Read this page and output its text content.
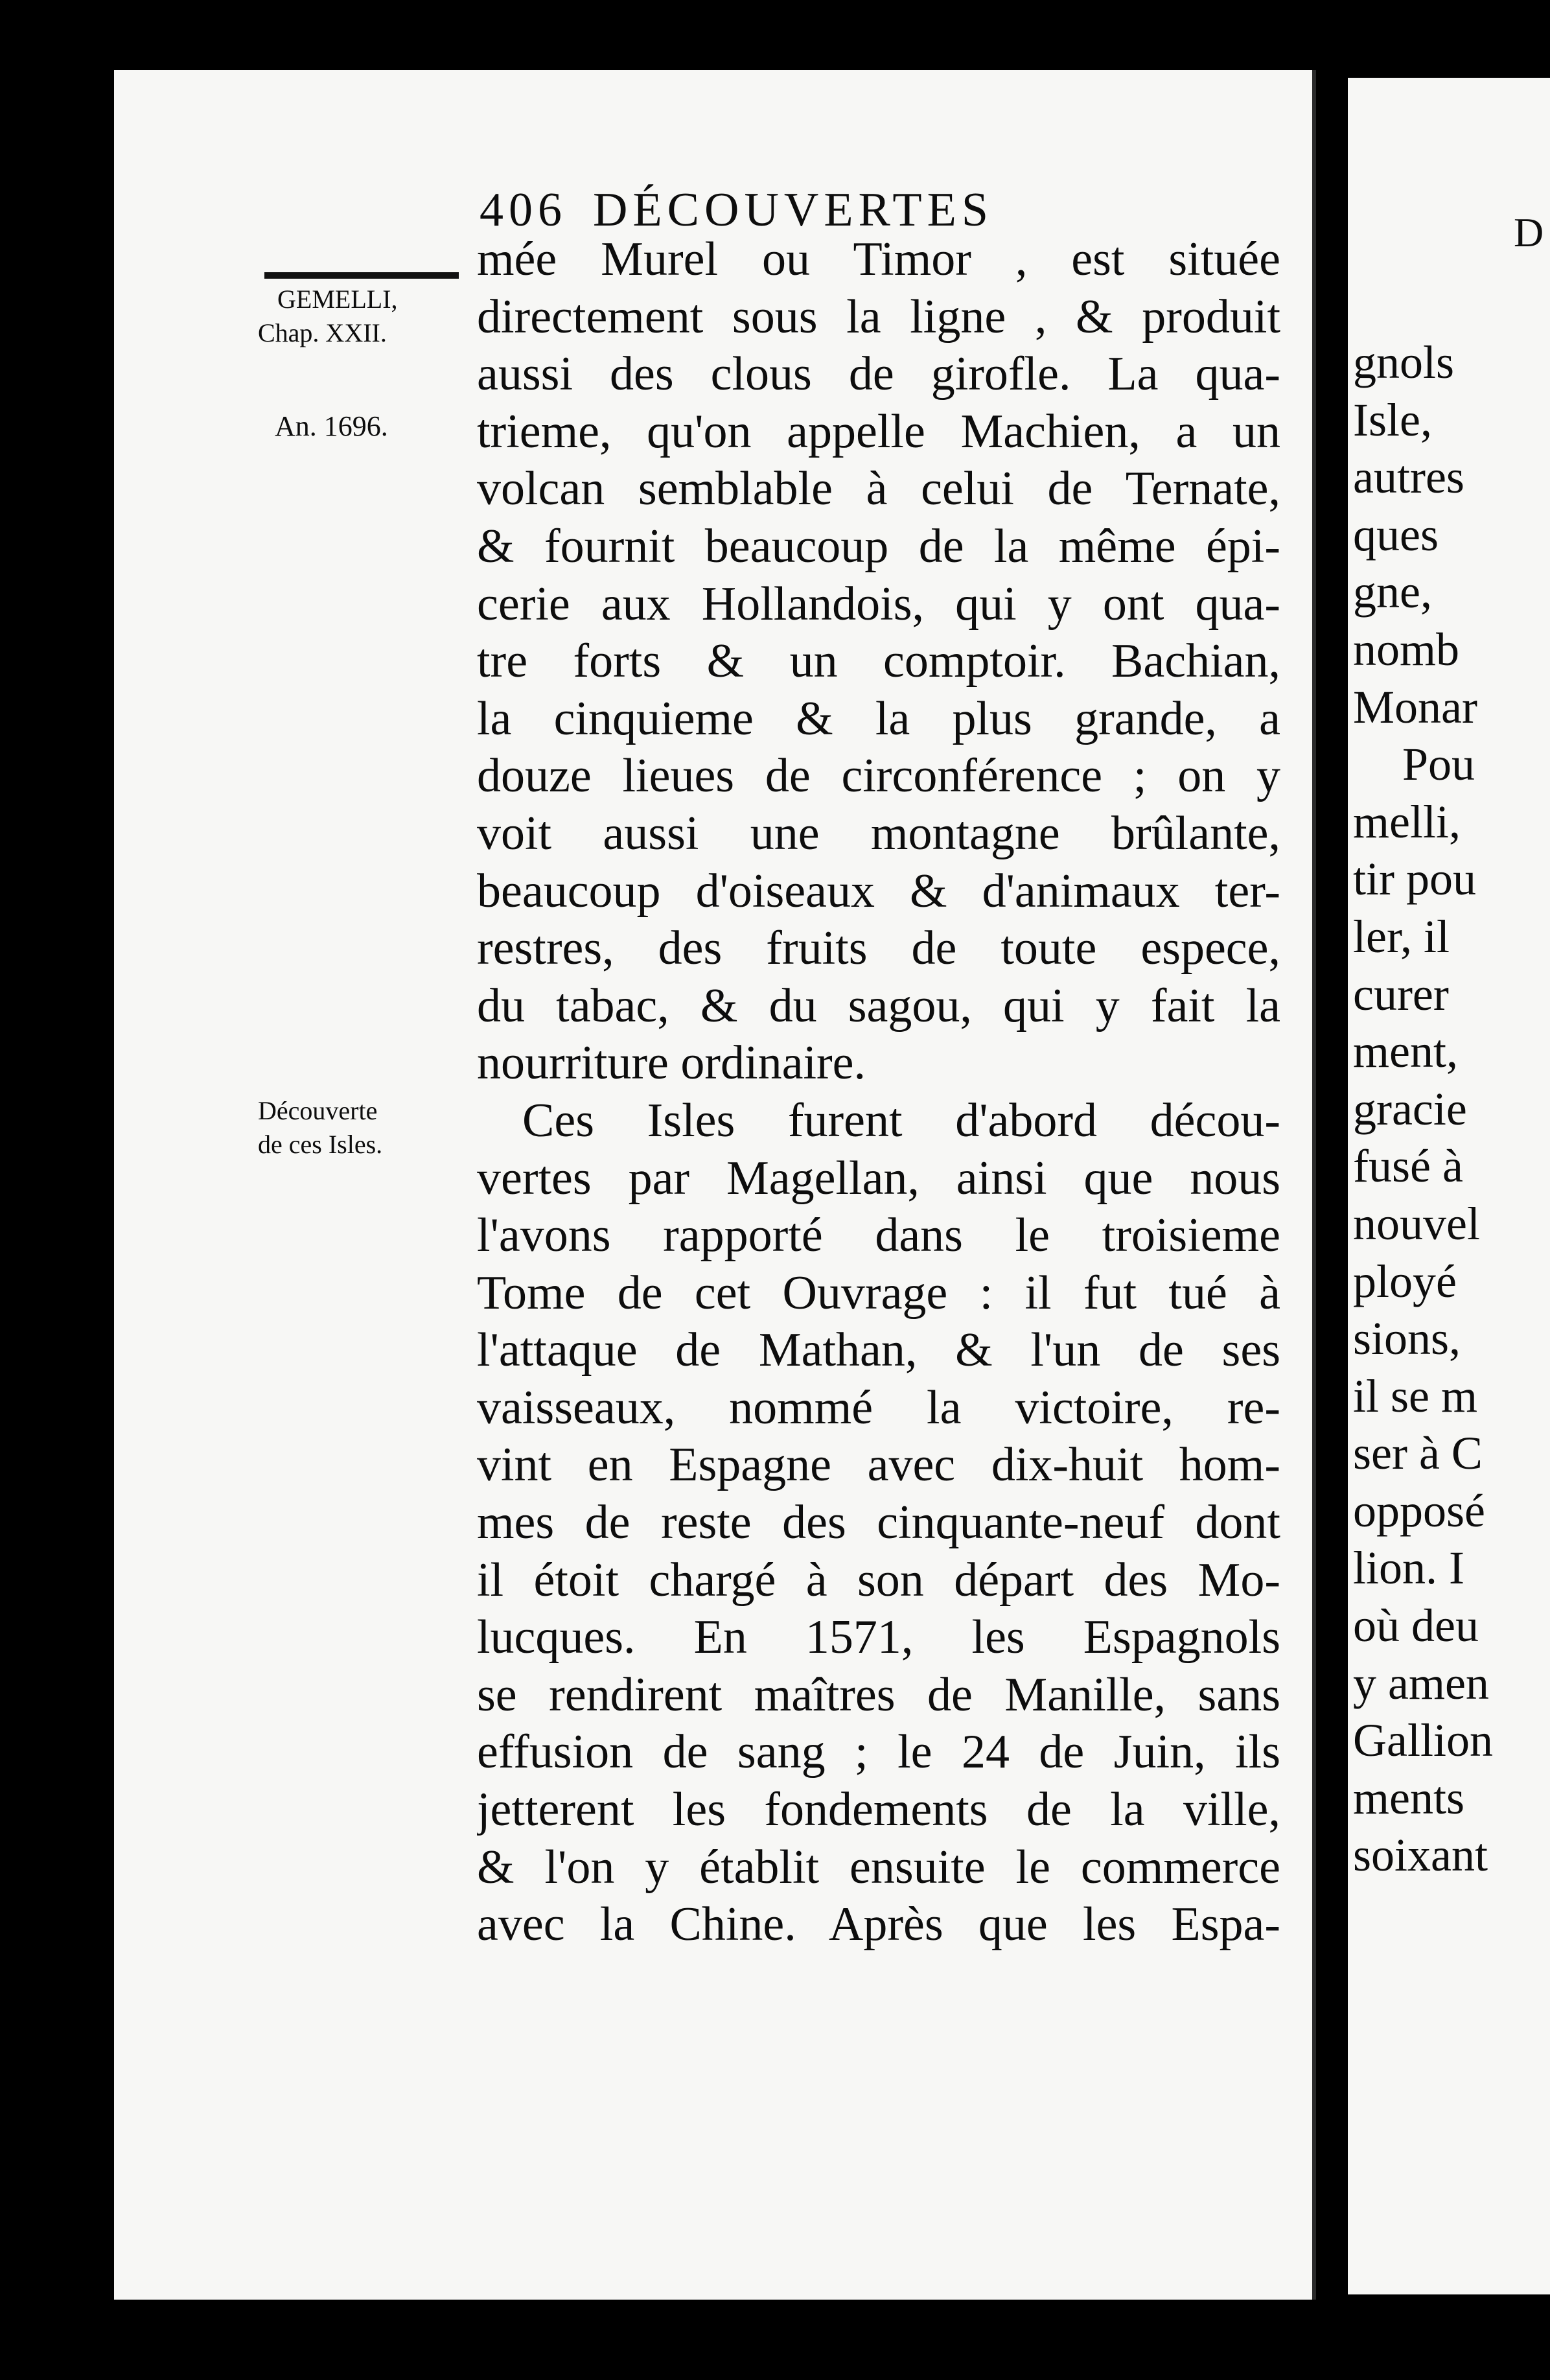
406 DÉCOUVERTES
GEMELLI,
Chap. XXII.
An. 1696.
Découverte
de ces Isles.
mée Murel ou Timor , est située
directement sous la ligne , & produit
aussi des clous de girofle. La qua-
trieme, qu'on appelle Machien, a un
volcan semblable à celui de Ternate,
& fournit beaucoup de la même épi-
cerie aux Hollandois, qui y ont qua-
tre forts & un comptoir. Bachian,
la cinquieme & la plus grande, a
douze lieues de circonférence ; on y
voit aussi une montagne brûlante,
beaucoup d'oiseaux & d'animaux ter-
restres, des fruits de toute espece,
du tabac, & du sagou, qui y fait la
nourriture ordinaire.
Ces Isles furent d'abord décou-
vertes par Magellan, ainsi que nous
l'avons rapporté dans le troisieme
Tome de cet Ouvrage : il fut tué à
l'attaque de Mathan, & l'un de ses
vaisseaux, nommé la victoire, re-
vint en Espagne avec dix-huit hom-
mes de reste des cinquante-neuf dont
il étoit chargé à son départ des Mo-
lucques. En 1571, les Espagnols
se rendirent maîtres de Manille, sans
effusion de sang ; le 24 de Juin, ils
jetterent les fondements de la ville,
& l'on y établit ensuite le commerce
avec la Chine. Après que les Espa-
D
gnols
Isle,
autres
ques
gne,
nomb
Monar
Pou
melli,
tir pou
ler, il
curer
ment,
gracie
fusé à
nouvel
ployé
sions,
il se m
ser à C
opposé
lion. I
où deu
y amen
Gallion
ments
soixant
